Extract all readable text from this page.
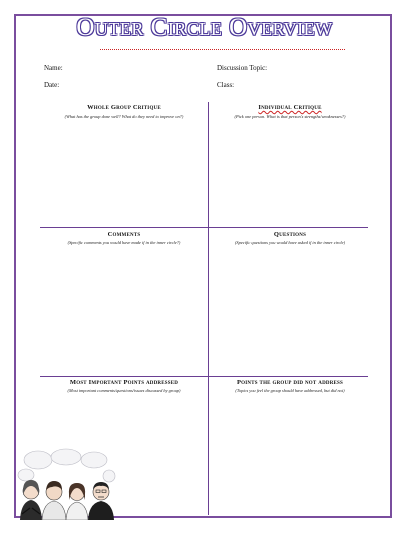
Outer Circle Overview
Name:
Date:
Discussion Topic:
Class:
Whole Group Critique
(What has the group done well? What do they need to improve on?)
Individual Critique
(Pick one person. What is that person's strengths/weaknesses?)
Comments
(Specific comments you would have made if in the inner circle?)
Questions
(Specific questions you would have asked if in the inner circle)
Most Important Points addressed
(Most important comments/questions/issues discussed by group)
Points the group did not address
(Topics you feel the group should have addressed, but did not)
